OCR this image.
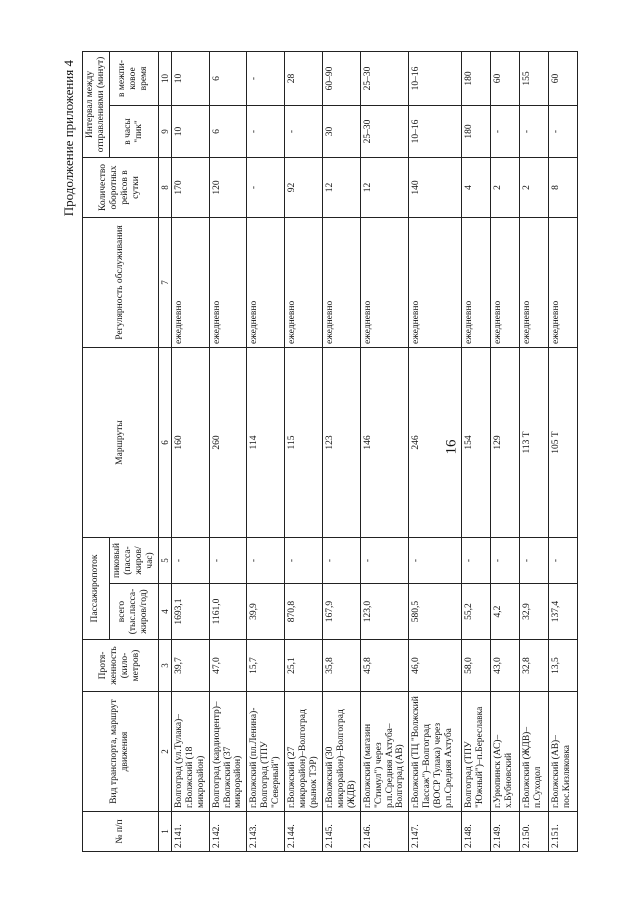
16
Продолжение приложения 4
№ п/п	Вид транспорта, маршрут движения	Протя-женность (кило-метров)	Пассажиропоток		Маршруты	Регулярность обслуживания	Количество оборотных рейсов в сутки	Интервал между отправлениями (минут)	
			всего (тыс.пасса-жиров/год)	пиковый (пасса-жиров/час)				в часы "пик"	в межпи-ковое время
1	2	3	4	5	6	7	8	9	10
2.141.	Волгоград (ул.Тулака)–г.Волжский (18 микрорайон)	39,7	1693,1	-	160	ежедневно	170	10	10
2.142.	Волгоград (кардиоцентр)–г.Волжский (37 микрорайон)	47,0	1161,0	-	260	ежедневно	120	6	6
2.143.	г.Волжский (пл.Ленина)-Волгоград (ТПУ "Северный")	15,7	39,9	-	114	ежедневно	-	-	-
2.144.	г.Волжский (27 микрорайон)–Волгоград (рынок ТЭР)	25,1	870,8	-	115	ежедневно	92	-	28
2.145.	г.Волжский (30 микрорайон)–Волгоград (ЖДВ)	35,8	167,9	-	123	ежедневно	12	30	60–90
2.146.	г.Волжский (магазин "Стимул") через р.п.Средняя Ахтуба–Волгоград (АВ)	45,8	123,0	-	146	ежедневно	12	25–30	25–30
2.147.	г.Волжский (ТЦ "Волжский Пассаж")–Волгоград (ВОСР Тулака) через р.п.Средняя Ахтуба	46,0	580,5	-	246	ежедневно	140	10–16	10–16
2.148.	Волгоград (ТПУ "Южный")–п.Береславка	58,0	55,2	-	154	ежедневно	4	180	180
2.149.	г.Урюпинск (АС)–х.Бубновский	43,0	4,2	-	129	ежедневно	2	-	60
2.150.	г.Волжский (ЖДВ)–п.Суходол	32,8	32,9	-	113 Т	ежедневно	2	-	155
2.151.	г.Волжский (АВ)–пос.Кизляковка	13,5	137,4	-	105 Т	ежедневно	8	-	60
